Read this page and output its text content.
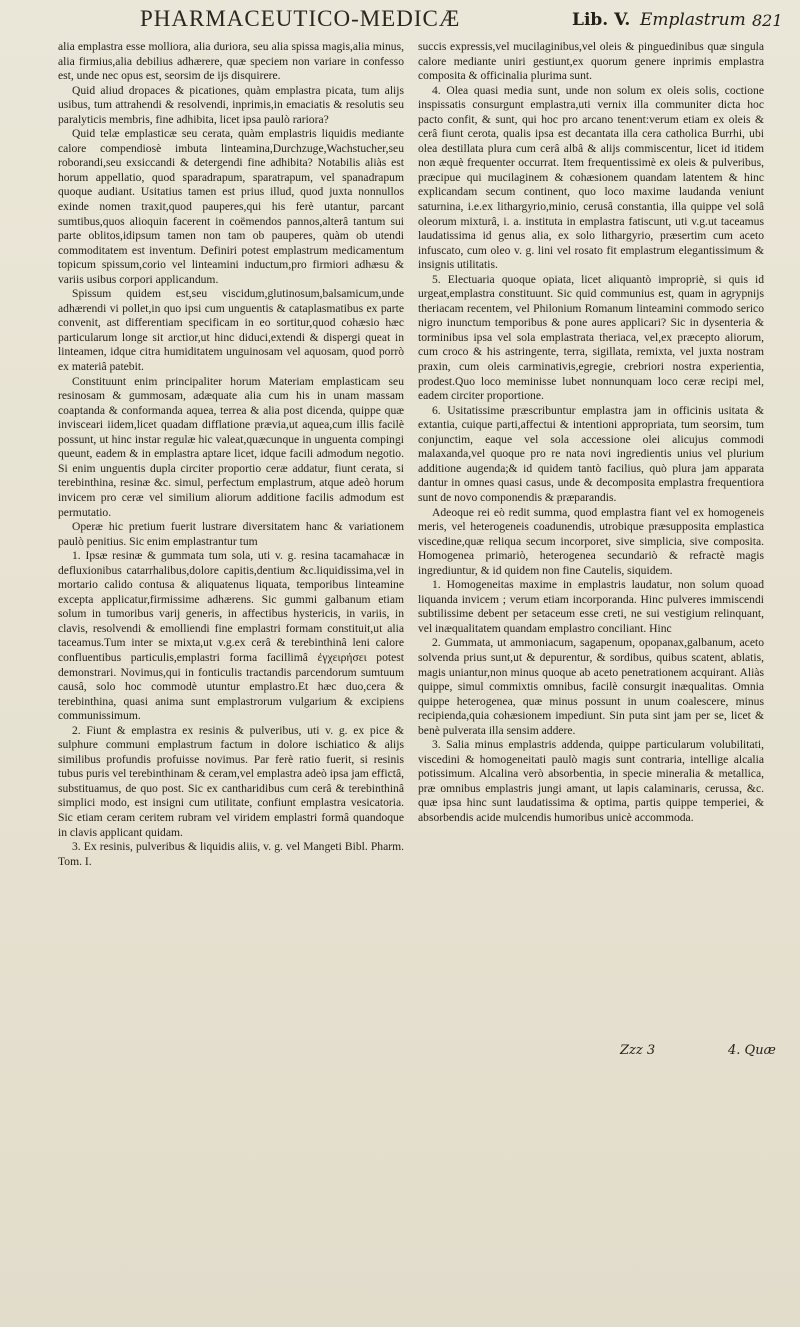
PHARMACEUTICO-MEDICÆ	Lib. V. Emplastrum 821

alia emplastra esse molliora, alia duriora, seu alia spissa magis,alia minus, alia firmius,alia debilius adhærere, quæ speciem non variare in confesso est, unde nec opus est, seorsim de ijs disquirere.

Quid aliud dropaces & picationes, quàm emplastra picata, tum alijs usibus, tum attrahendi & resolvendi, inprimis,in emaciatis & resolutis seu paralyticis membris, fine adhibita, licet ipsa paulò rariora?

Quid telæ emplasticæ seu cerata, quàm emplastris liquidis mediante calore compendiosè imbuta linteamina,Durchzuge,Wachstucher,seu roborandi,seu exsiccandi & detergendi fine adhibita? Notabilis aliàs est horum appellatio, quod sparadrapum, sparatrapum, vel spanadrapum quoque audiant. Usitatius tamen est prius illud, quod juxta nonnullos exinde nomen traxit,quod pauperes,qui his ferè utantur, parcant sumtibus,quos alioquin facerent in coëmendos pannos,alterâ tantum sui parte oblitos,idipsum tamen non tam ob pauperes, quàm ob utendi commoditatem est inventum. Definiri potest emplastrum medicamentum topicum spissum,corio vel linteamini inductum,pro firmiori adhæsu & variis usibus corpori applicandum.

Spissum quidem est,seu viscidum,glutinosum,balsamicum,unde adhærendi vi pollet,in quo ipsi cum unguentis & cataplasmatibus ex parte convenit, ast differentiam specificam in eo sortitur,quod cohæsio hæc particularum longe sit arctior,ut hinc diduci,extendi & dispergi queat in linteamen, idque citra humiditatem unguinosam vel aquosam, quod porrò ex materiâ patebit.

Constituunt enim principaliter horum Materiam emplasticam seu resinosam & gummosam, adæquate alia cum his in unam massam coaptanda & conformanda aquea, terrea & alia post dicenda, quippe quæ invisceari iidem,licet quadam difflatione prævia,ut aquea,cum illis facilè possunt, ut hinc instar regulæ hic valeat,quæcunque in unguenta compingi queunt, eadem & in emplastra aptare licet, idque facili admodum negotio. Si enim unguentis dupla circiter proportio ceræ addatur, fiunt cerata, si terebinthina, resinæ &c. simul, perfectum emplastrum, atque adeò horum invicem pro ceræ vel similium aliorum additione facilis admodum est permutatio.

Operæ hic pretium fuerit lustrare diversitatem hanc & variationem paulò penitius. Sic enim emplastrantur tum

1. Ipsæ resinæ & gummata tum sola, uti v. g. resina tacamahacæ in defluxionibus catarrhalibus,dolore capitis,dentium &c.liquidissima,vel in mortario calido contusa & aliquatenus liquata, temporibus linteamine excepta applicatur,firmissime adhærens. Sic gummi galbanum etiam solum in tumoribus varij generis, in affectibus hystericis, in variis, in clavis, resolvendi & emolliendi fine emplastri formam constituit,ut alia taceamus.Tum inter se mixta,ut v.g.ex cerâ & terebinthinâ leni calore confluentibus particulis,emplastri forma facillimâ ἐγχειρήσει potest demonstrari. Novimus,qui in fonticulis tractandis parcendorum sumtuum causâ, solo hoc commodè utuntur emplastro.Et hæc duo,cera & terebinthina, quasi anima sunt emplastrorum vulgarium & excipiens communissimum.

2. Fiunt & emplastra ex resinis & pulveribus, uti v. g. ex pice & sulphure communi emplastrum factum in dolore ischiatico & alijs similibus profundis profuisse novimus. Par ferè ratio fuerit, si resinis tubus puris vel terebinthinam & ceram,vel emplastra adeò ipsa jam effictâ, substituamus, de quo post. Sic ex cantharidibus cum cerâ & terebinthinâ simplici modo, est insigni cum utilitate, confiunt emplastra vesicatoria. Sic etiam ceram ceritem rubram vel viridem emplastri formâ quandoque in clavis applicant quidam.

3. Ex resinis, pulveribus & liquidis aliis, v. g. vel Mangeti Bibl. Pharm. Tom. I.

succis expressis,vel mucilaginibus,vel oleis & pinguedinibus quæ singula calore mediante uniri gestiunt,ex quorum genere inprimis emplastra composita & officinalia plurima sunt.

4. Olea quasi media sunt, unde non solum ex oleis solis, coctione inspissatis consurgunt emplastra,uti vernix illa communiter dicta hoc pacto confit, & sunt, qui hoc pro arcano tenent:verum etiam ex oleis & cerâ fiunt cerota, qualis ipsa est decantata illa cera catholica Burrhi, ubi olea destillata plura cum cerâ albâ & alijs commiscentur, licet id itidem non æquè frequenter occurrat. Item frequentissimè ex oleis & pulveribus, præcipue qui mucilaginem & cohæsionem quandam latentem & hinc explicandam secum continent, quo loco maxime laudanda veniunt saturnina, i.e.ex lithargyrio,minio, cerusâ constantia, illa quippe vel solâ oleorum mixturâ, i. a. instituta in emplastra fatiscunt, uti v.g.ut taceamus laudatissima id genus alia, ex solo lithargyrio, præsertim cum aceto infuscato, cum oleo v. g. lini vel rosato fit emplastrum elegantissimum & insignis utilitatis.

5. Electuaria quoque opiata, licet aliquantò impropriè, si quis id urgeat,emplastra constituunt. Sic quid communius est, quam in agrypnijs theriacam recentem, vel Philonium Romanum linteamini commodo serico nigro inunctum temporibus & pone aures applicari? Sic in dysenteria & torminibus ipsa vel sola emplastrata theriaca, vel,ex præcepto aliorum, cum croco & his astringente, terra, sigillata, remixta, vel juxta nostram praxin, cum oleis carminativis,egregie, crebriori nostra experientia, prodest.Quo loco meminisse lubet nonnunquam loco ceræ recipi mel, eadem circiter proportione.

6. Usitatissime præscribuntur emplastra jam in officinis usitata & extantia, cuique parti,affectui & intentioni appropriata, tum seorsim, tum conjunctim, eaque vel sola accessione olei alicujus commodi malaxanda,vel quoque pro re nata novi ingredientis unius vel plurium additione augenda;& id quidem tantò facilius, quò plura jam apparata dantur in omnes quasi casus, unde & decomposita emplastra frequentiora sunt de novo componendis & præparandis.

Adeoque rei eò redit summa, quod emplastra fiant vel ex homogeneis meris, vel heterogeneis coadunendis, utrobique præsupposita emplastica viscedine,quæ reliqua secum incorporet, sive simplicia, sive composita. Homogenea primariò, heterogenea secundariò & refractè magis ingrediuntur, & id quidem non fine Cautelis, siquidem.

1. Homogeneitas maxime in emplastris laudatur, non solum quoad liquanda invicem ; verum etiam incorporanda. Hinc pulveres immiscendi subtilissime debent per setaceum esse creti, ne sui vestigium relinquant, vel inæqualitatem quandam emplastro conciliant. Hinc

2. Gummata, ut ammoniacum, sagapenum, opopanax,galbanum, aceto solvenda prius sunt,ut & depurentur, & sordibus, quibus scatent, ablatis, magis uniantur,non minus quoque ab aceto penetrationem acquirant. Aliàs quippe, simul commixtis omnibus, facilè consurgit inæqualitas. Omnia quippe heterogenea, quæ minus possunt in unum coalescere, minus recipienda,quia cohæsionem impediunt. Sin puta sint jam per se, licet & benè pulverata illa sensim addere.

3. Salia minus emplastris addenda, quippe particularum volubilitati, viscedini & homogeneitati paulò magis sunt contraria, intellige alcalia potissimum. Alcalina verò absorbentia, in specie mineralia & metallica, præ omnibus emplastris jungi amant, ut lapis calaminaris, cerussa, &c. quæ ipsa hinc sunt laudatissima & optima, partis quippe temperiei, & absorbendis acide mulcendis humoribus unicè accommoda.

Zzz 3	4. Quæ
